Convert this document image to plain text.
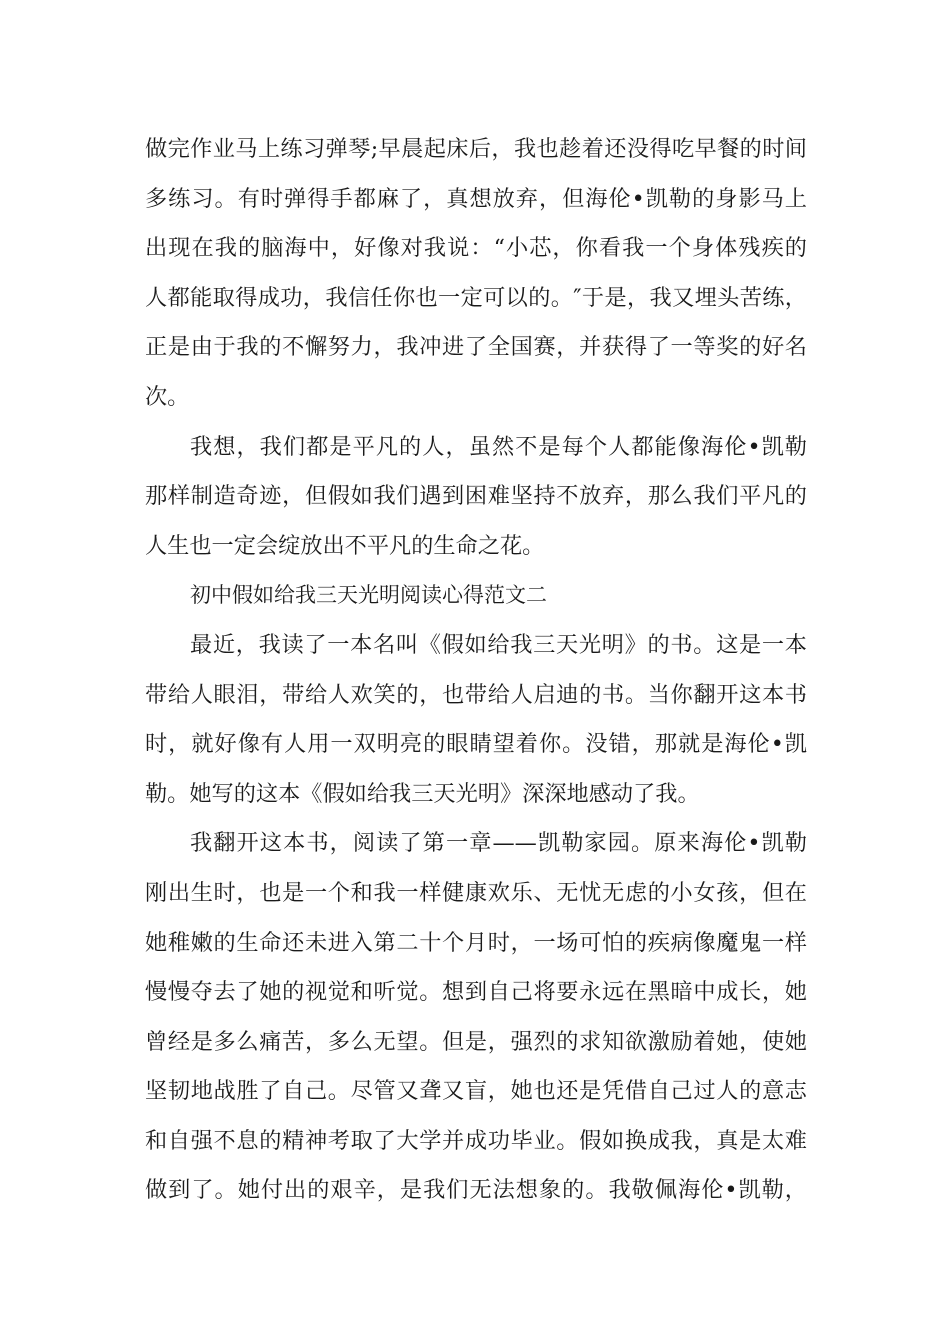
做完作业马上练习弹琴;早晨起床后，我也趁着还没得吃早餐的时间
多练习。有时弹得手都麻了，真想放弃，但海伦•凯勒的身影马上
出现在我的脑海中，好像对我说：“小芯，你看我一个身体残疾的
人都能取得成功，我信任你也一定可以的。″于是，我又埋头苦练，
正是由于我的不懈努力，我冲进了全国赛，并获得了一等奖的好名
次。
我想，我们都是平凡的人，虽然不是每个人都能像海伦•凯勒
那样制造奇迹，但假如我们遇到困难坚持不放弃，那么我们平凡的
人生也一定会绽放出不平凡的生命之花。
初中假如给我三天光明阅读心得范文二
最近，我读了一本名叫《假如给我三天光明》的书。这是一本
带给人眼泪，带给人欢笑的，也带给人启迪的书。当你翻开这本书
时，就好像有人用一双明亮的眼睛望着你。没错，那就是海伦•凯
勒。她写的这本《假如给我三天光明》深深地感动了我。
我翻开这本书，阅读了第一章——凯勒家园。原来海伦•凯勒
刚出生时，也是一个和我一样健康欢乐、无忧无虑的小女孩，但在
她稚嫩的生命还未进入第二十个月时，一场可怕的疾病像魔鬼一样
慢慢夺去了她的视觉和听觉。想到自己将要永远在黑暗中成长，她
曾经是多么痛苦，多么无望。但是，强烈的求知欲激励着她，使她
坚韧地战胜了自己。尽管又聋又盲，她也还是凭借自己过人的意志
和自强不息的精神考取了大学并成功毕业。假如换成我，真是太难
做到了。她付出的艰辛，是我们无法想象的。我敬佩海伦•凯勒，
